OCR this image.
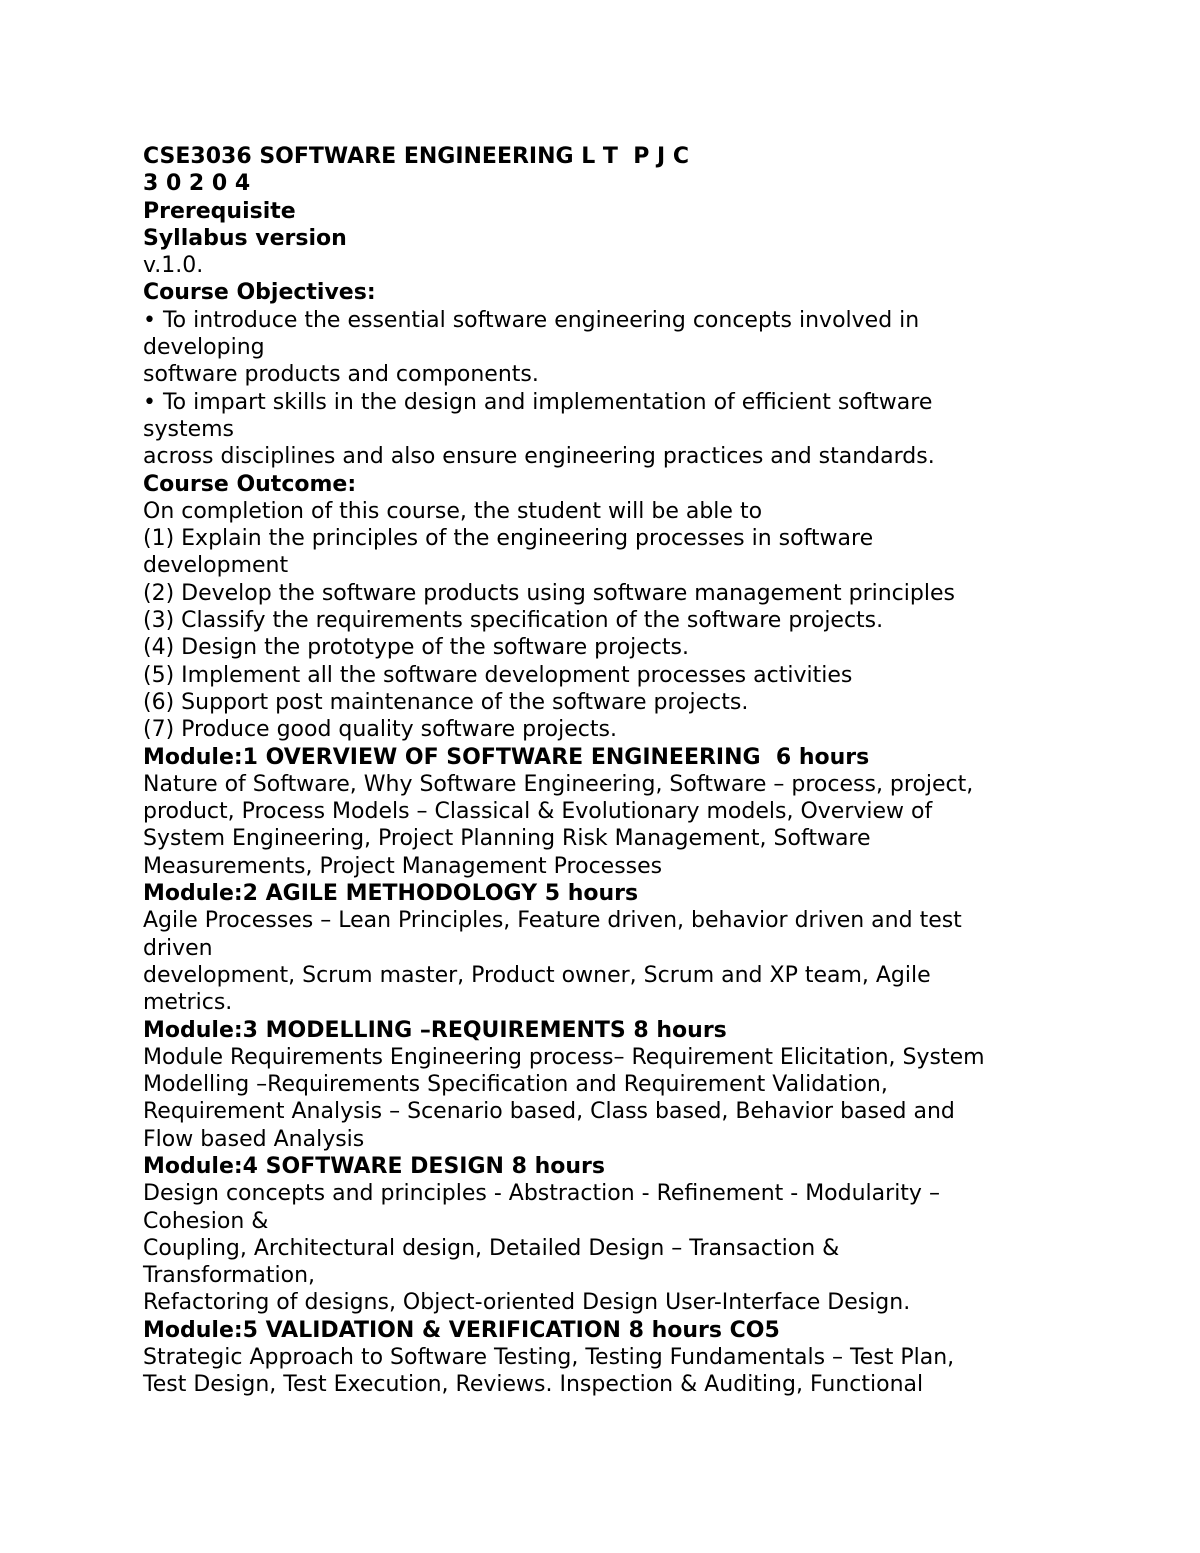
CSE3036 SOFTWARE ENGINEERING L T  P J C
3 0 2 0 4
Prerequisite
Syllabus version
v.1.0.
Course Objectives:
• To introduce the essential software engineering concepts involved in
developing
software products and components.
• To impart skills in the design and implementation of efficient software
systems
across disciplines and also ensure engineering practices and standards.
Course Outcome:
On completion of this course, the student will be able to
(1) Explain the principles of the engineering processes in software
development
(2) Develop the software products using software management principles
(3) Classify the requirements specification of the software projects.
(4) Design the prototype of the software projects.
(5) Implement all the software development processes activities
(6) Support post maintenance of the software projects.
(7) Produce good quality software projects.
Module:1 OVERVIEW OF SOFTWARE ENGINEERING  6 hours
Nature of Software, Why Software Engineering, Software – process, project,
product, Process Models – Classical & Evolutionary models, Overview of
System Engineering, Project Planning Risk Management, Software
Measurements, Project Management Processes
Module:2 AGILE METHODOLOGY 5 hours
Agile Processes – Lean Principles, Feature driven, behavior driven and test
driven
development, Scrum master, Product owner, Scrum and XP team, Agile
metrics.
Module:3 MODELLING –REQUIREMENTS 8 hours
Module Requirements Engineering process– Requirement Elicitation, System
Modelling –Requirements Specification and Requirement Validation,
Requirement Analysis – Scenario based, Class based, Behavior based and
Flow based Analysis
Module:4 SOFTWARE DESIGN 8 hours
Design concepts and principles - Abstraction - Refinement - Modularity –
Cohesion &
Coupling, Architectural design, Detailed Design – Transaction &
Transformation,
Refactoring of designs, Object-oriented Design User-Interface Design.
Module:5 VALIDATION & VERIFICATION 8 hours CO5
Strategic Approach to Software Testing, Testing Fundamentals – Test Plan,
Test Design, Test Execution, Reviews. Inspection & Auditing, Functional
